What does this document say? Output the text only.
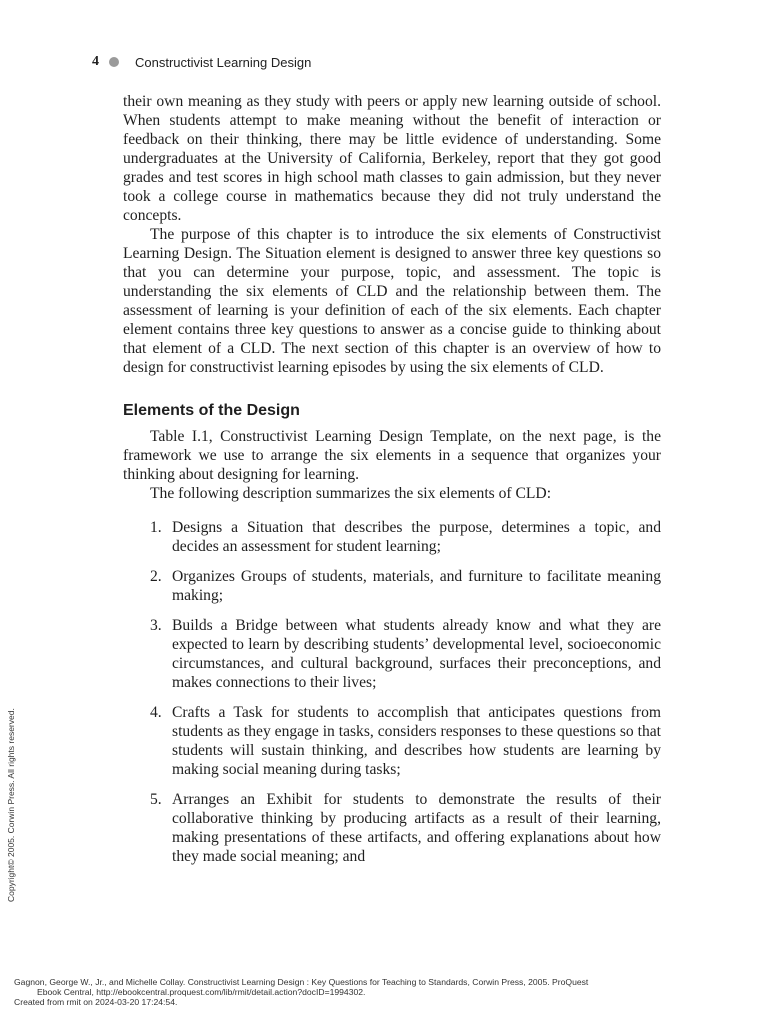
4	Constructivist Learning Design

their own meaning as they study with peers or apply new learning outside of school. When students attempt to make meaning without the benefit of interaction or feedback on their thinking, there may be little evidence of understanding. Some undergraduates at the University of California, Berkeley, report that they got good grades and test scores in high school math classes to gain admission, but they never took a college course in mathematics because they did not truly understand the concepts.

The purpose of this chapter is to introduce the six elements of Constructivist Learning Design. The Situation element is designed to answer three key questions so that you can determine your purpose, topic, and assessment. The topic is understanding the six elements of CLD and the relationship between them. The assessment of learning is your definition of each of the six elements. Each chapter element contains three key questions to answer as a concise guide to thinking about that element of a CLD. The next section of this chapter is an overview of how to design for constructivist learning episodes by using the six elements of CLD.

Elements of the Design

Table I.1, Constructivist Learning Design Template, on the next page, is the framework we use to arrange the six elements in a sequence that organizes your thinking about designing for learning.

The following description summarizes the six elements of CLD:

1. Designs a Situation that describes the purpose, determines a topic, and decides an assessment for student learning;
2. Organizes Groups of students, materials, and furniture to facilitate meaning making;
3. Builds a Bridge between what students already know and what they are expected to learn by describing students’ developmental level, socioeconomic circumstances, and cultural background, surfaces their preconceptions, and makes connections to their lives;
4. Crafts a Task for students to accomplish that anticipates questions from students as they engage in tasks, considers responses to these questions so that students will sustain thinking, and describes how students are learning by making social meaning during tasks;
5. Arranges an Exhibit for students to demonstrate the results of their collaborative thinking by producing artifacts as a result of their learning, making presentations of these artifacts, and offering explanations about how they made social meaning; and
Copyright© 2005. Corwin Press. All rights reserved.
Gagnon, George W., Jr., and Michelle Collay. Constructivist Learning Design : Key Questions for Teaching to Standards, Corwin Press, 2005. ProQuest
Ebook Central, http://ebookcentral.proquest.com/lib/rmit/detail.action?docID=1994302.
Created from rmit on 2024-03-20 17:24:54.
